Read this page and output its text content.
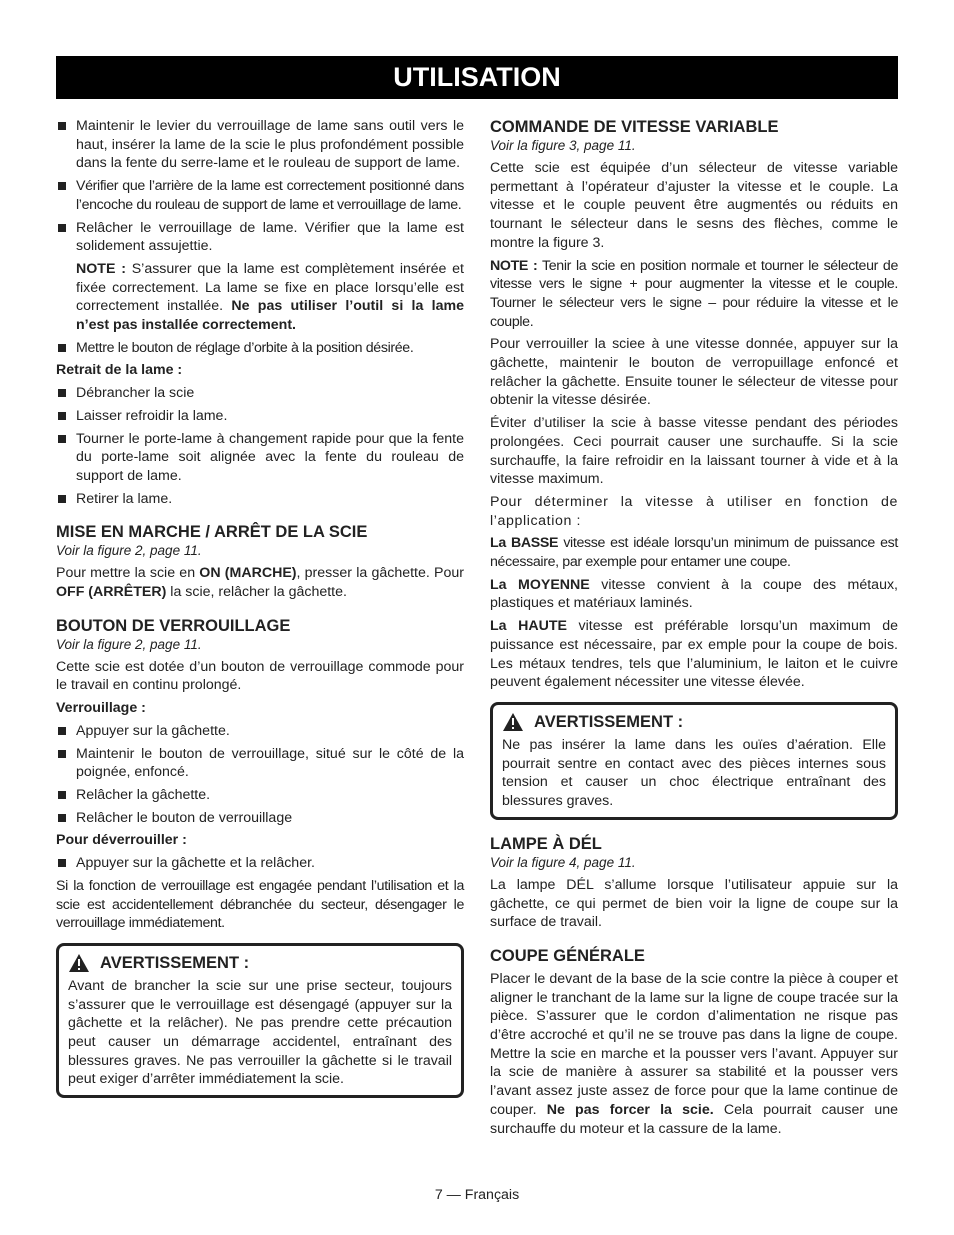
UTILISATION
Maintenir le levier du verrouillage de lame sans outil vers le haut, insérer la lame de la scie le plus profondément possible dans la fente du serre-lame et le rouleau de support de lame.
Vérifier que l’arrière de la lame est correctement positionné dans l’encoche du rouleau de support de lame et verrouillage de lame.
Relâcher le verrouillage de lame. Vérifier que la lame est solidement assujettie.

NOTE : S’assurer que la lame est complètement insérée et fixée correctement. La lame se fixe en place lorsqu’elle est correctement installée. Ne pas utiliser l’outil si la lame n’est pas installée correctement.

Mettre le bouton de réglage d’orbite à la position désirée.
Retrait de la lame :
Débrancher la scie
Laisser refroidir la lame.
Tourner le porte-lame à changement rapide pour que la fente du porte-lame soit alignée avec la fente du rouleau de support de lame.
Retirer la lame.
MISE EN MARCHE / ARRÊT DE LA SCIE
Voir la figure 2, page 11.

Pour mettre la scie en ON (MARCHE), presser la gâchette. Pour OFF (ARRÊTER) la scie, relâcher la gâchette.

BOUTON DE VERROUILLAGE
Voir la figure 2, page 11.

Cette scie est dotée d’un bouton de verrouillage commode pour le travail en continu prolongé.

Verrouillage :
Appuyer sur la gâchette.
Maintenir le bouton de verrouillage, situé sur le côté de la poignée, enfoncé.
Relâcher la gâchette.
Relâcher le bouton de verrouillage
Pour déverrouiller :
Appuyer sur la gâchette et la relâcher.

Si la fonction de verrouillage est engagée pendant l’utilisation et la scie est accidentellement débranchée du secteur, désengager le verrouillage immédiatement.

AVERTISSEMENT :

Avant de brancher la scie sur une prise secteur, toujours s’assurer que le verrouillage est désengagé (appuyer sur la gâchette et la relâcher). Ne pas prendre cette précaution peut causer un démarrage accidentel, entraînant des blessures graves. Ne pas verrouiller la gâchette si le travail peut exiger d’arrêter immédiatement la scie.

COMMANDE DE VITESSE VARIABLE
Voir la figure 3, page 11.

Cette scie est équipée d’un sélecteur de vitesse variable permettant à l’opérateur d’ajuster la vitesse et le couple. La vitesse et le couple peuvent être augmentés ou réduits en tournant le sélecteur dans le sesns des flèches, comme le montre la figure 3.

NOTE : Tenir la scie en position normale et tourner le sélecteur de vitesse vers le signe + pour augmenter la vitesse et le couple. Tourner le sélecteur vers le signe – pour réduire la vitesse et le couple.

Pour verrouiller la sciee à une vitesse donnée, appuyer sur la gâchette, maintenir le bouton de verropuillage enfoncé et relâcher la gâchette. Ensuite touner le sélecteur de vitesse pour obtenir la vitesse désirée.

Éviter d’utiliser la scie à basse vitesse pendant des périodes prolongées. Ceci pourrait causer une surchauffe. Si la scie surchauffe, la faire refroidir en la laissant tourner à vide et à la vitesse maximum.

Pour déterminer la vitesse à utiliser en fonction de l’application :

La BASSE vitesse est idéale lorsqu’un minimum de puissance est nécessaire, par exemple pour entamer une coupe.

La MOYENNE vitesse convient à la coupe des métaux, plastiques et matériaux laminés.

La HAUTE vitesse est préférable lorsqu’un maximum de puissance est nécessaire, par ex emple pour la coupe de bois. Les métaux tendres, tels que l’aluminium, le laiton et le cuivre peuvent également nécessiter une vitesse élevée.

AVERTISSEMENT :

Ne pas insérer la lame dans les ouïes d’aération. Elle pourrait sentre en contact avec des pièces internes sous tension et causer un choc électrique entraînant des blessures graves.

LAMPE À DÉL
Voir la figure 4, page 11.

La lampe DÉL s’allume lorsque l’utilisateur appuie sur la gâchette, ce qui permet de bien voir la ligne de coupe sur la surface de travail.

COUPE GÉNÉRALE

Placer le devant de la base de la scie contre la pièce à couper et aligner le tranchant de la lame sur la ligne de coupe tracée sur la pièce. S’assurer que le cordon d’alimentation ne risque pas d’être accroché et qu’il ne se trouve pas dans la ligne de coupe. Mettre la scie en marche et la pousser vers l’avant. Appuyer sur la scie de manière à assurer sa stabilité et la pousser vers l’avant assez juste assez de force pour que la lame continue de couper. Ne pas forcer la scie. Cela pourrait causer une surchauffe du moteur et la cassure de la lame.

7 — Français
